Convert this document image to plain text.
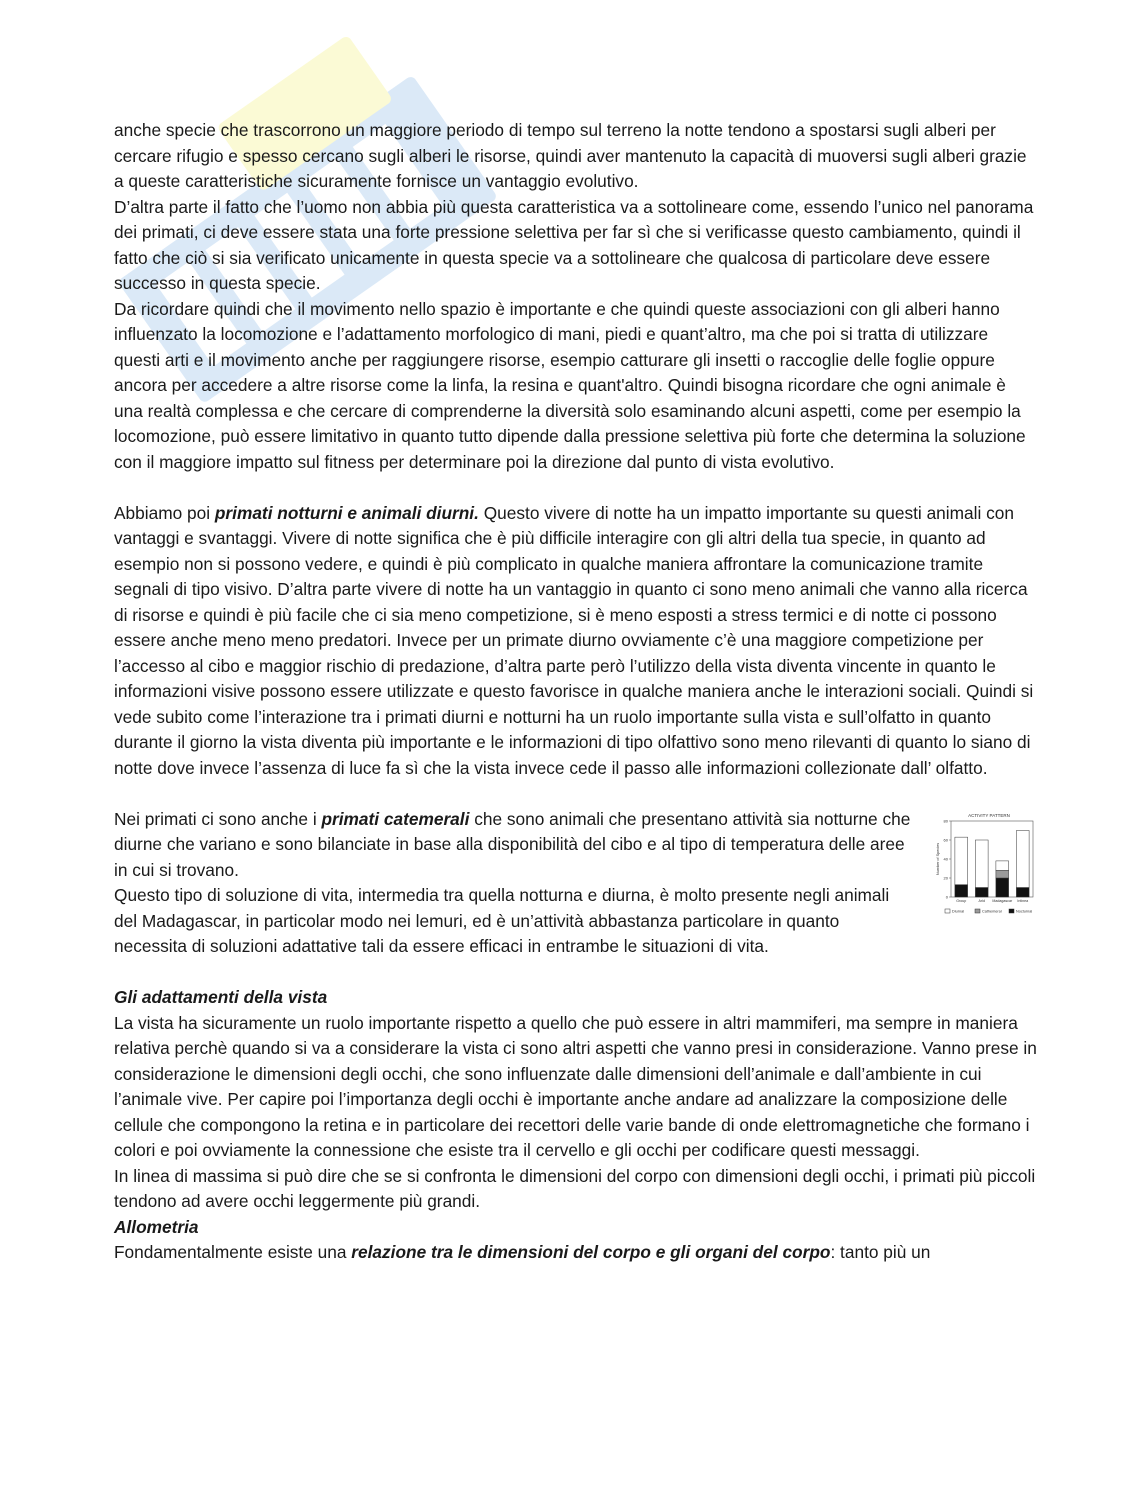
anche specie che trascorrono un maggiore periodo di tempo sul terreno la notte tendono a spostarsi sugli alberi per cercare rifugio e spesso cercano sugli alberi le risorse, quindi aver mantenuto la capacità di muoversi sugli alberi grazie a queste caratteristiche sicuramente fornisce un vantaggio evolutivo.

D’altra parte il fatto che l’uomo non abbia più questa caratteristica va a sottolineare come, essendo l’unico nel panorama dei primati, ci deve essere stata una forte pressione selettiva per far sì che si verificasse questo cambiamento, quindi il fatto che ciò si sia verificato unicamente in questa specie va a sottolineare che qualcosa di particolare deve essere successo in questa specie.

Da ricordare quindi che il movimento nello spazio è importante e che quindi queste associazioni con gli alberi hanno influenzato la locomozione e l’adattamento morfologico di mani, piedi e quant’altro, ma che poi si tratta di utilizzare questi arti e il movimento anche per raggiungere risorse, esempio catturare gli insetti o raccoglie delle foglie oppure ancora per accedere a altre risorse come la linfa, la resina e quant'altro. Quindi bisogna ricordare che ogni animale è una realtà complessa e che cercare di comprenderne la diversità solo esaminando alcuni aspetti, come per esempio la locomozione, può essere limitativo in quanto tutto dipende dalla pressione selettiva più forte che determina la soluzione con il maggiore impatto sul fitness per determinare poi la direzione dal punto di vista evolutivo.

Abbiamo poi primati notturni e animali diurni. Questo vivere di notte ha un impatto importante su questi animali con vantaggi e svantaggi. Vivere di notte significa che è più difficile interagire con gli altri della tua specie, in quanto ad esempio non si possono vedere, e quindi è più complicato in qualche maniera affrontare la comunicazione tramite segnali di tipo visivo. D’altra parte vivere di notte ha un vantaggio in quanto ci sono meno animali che vanno alla ricerca di risorse e quindi è più facile che ci sia meno competizione, si è meno esposti a stress termici e di notte ci possono essere anche meno meno predatori. Invece per un primate diurno ovviamente c’è una maggiore competizione per l’accesso al cibo e maggior rischio di predazione, d’altra parte però l’utilizzo della vista diventa vincente in quanto le informazioni visive possono essere utilizzate e questo favorisce in qualche maniera anche le interazioni sociali. Quindi si vede subito come l’interazione tra i primati diurni e notturni ha un ruolo importante sulla vista e sull’olfatto in quanto durante il giorno la vista diventa più importante e le informazioni di tipo olfattivo sono meno rilevanti di quanto lo siano di notte dove invece l’assenza di luce fa sì che la vista invece cede il passo alle informazioni collezionate dall’ olfatto.

ACTIVITY PATTERN
0
20
40
60
80
Number of Species
Group	Arid Madagascar Intinea
Diurnal	Cathemeral	Nocturnal

Nei primati ci sono anche i primati catemerali che sono animali che presentano attività sia notturne che diurne che variano e sono bilanciate in base alla disponibilità del cibo e al tipo di temperatura delle aree in cui si trovano.

Questo tipo di soluzione di vita, intermedia tra quella notturna e diurna, è molto presente negli animali del Madagascar, in particolar modo nei lemuri, ed è un’attività abbastanza particolare in quanto necessita di soluzioni adattative tali da essere efficaci in entrambe le situazioni di vita.

Gli adattamenti della vista

La vista ha sicuramente un ruolo importante rispetto a quello che può essere in altri mammiferi, ma sempre in maniera relativa perchè quando si va a considerare la vista ci sono altri aspetti che vanno presi in considerazione. Vanno prese in considerazione le dimensioni degli occhi, che sono influenzate dalle dimensioni dell’animale e dall’ambiente in cui l’animale vive. Per capire poi l’importanza degli occhi è importante anche andare ad analizzare la composizione delle cellule che compongono la retina e in particolare dei recettori delle varie bande di onde elettromagnetiche che formano i colori e poi ovviamente la connessione che esiste tra il cervello e gli occhi per codificare questi messaggi.

In linea di massima si può dire che se si confronta le dimensioni del corpo con dimensioni degli occhi, i primati più piccoli tendono ad avere occhi leggermente più grandi.

Allometria

Fondamentalmente esiste una relazione tra le dimensioni del corpo e gli organi del corpo: tanto più un
